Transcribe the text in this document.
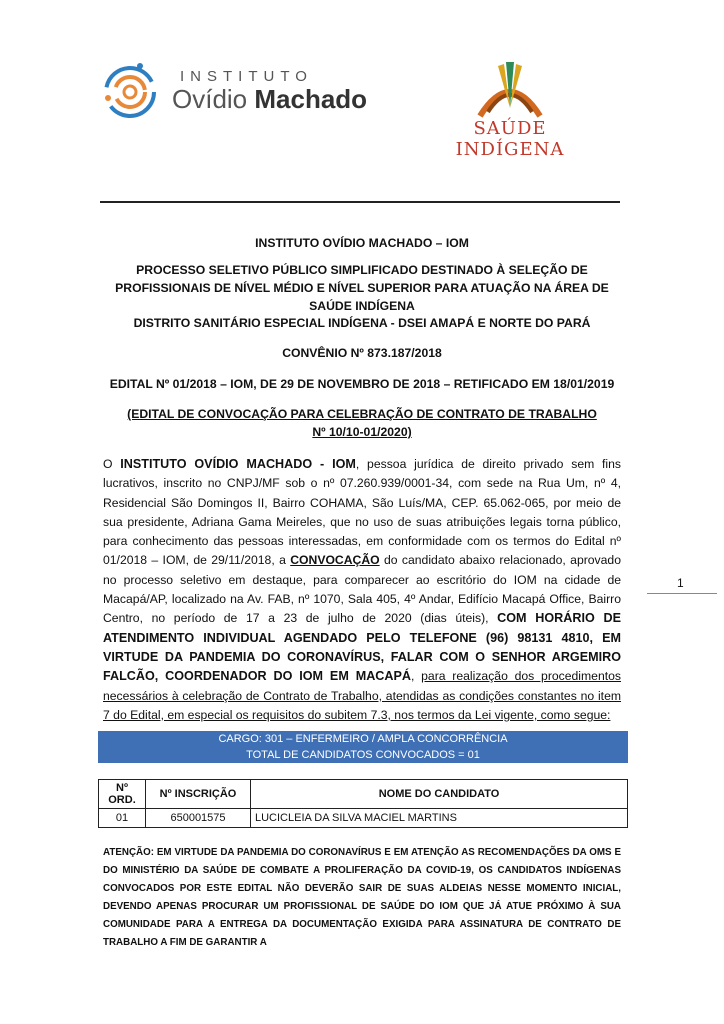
INSTITUTO
Ovídio Machado
SAÚDE INDÍGENA
INSTITUTO OVÍDIO MACHADO – IOM
PROCESSO SELETIVO PÚBLICO SIMPLIFICADO DESTINADO À SELEÇÃO DE PROFISSIONAIS DE NÍVEL MÉDIO E NÍVEL SUPERIOR PARA ATUAÇÃO NA ÁREA DE SAÚDE INDÍGENA
DISTRITO SANITÁRIO ESPECIAL INDÍGENA - DSEI AMAPÁ E NORTE DO PARÁ
CONVÊNIO Nº 873.187/2018
EDITAL Nº 01/2018 – IOM, DE 29 DE NOVEMBRO DE 2018 – RETIFICADO EM 18/01/2019
(EDITAL DE CONVOCAÇÃO PARA CELEBRAÇÃO DE CONTRATO DE TRABALHO
Nº 10/10-01/2020)
O INSTITUTO OVÍDIO MACHADO - IOM, pessoa jurídica de direito privado sem fins lucrativos, inscrito no CNPJ/MF sob o nº 07.260.939/0001-34, com sede na Rua Um, nº 4, Residencial São Domingos II, Bairro COHAMA, São Luís/MA, CEP. 65.062-065, por meio de sua presidente, Adriana Gama Meireles, que no uso de suas atribuições legais torna público, para conhecimento das pessoas interessadas, em conformidade com os termos do Edital nº 01/2018 – IOM, de 29/11/2018, a CONVOCAÇÃO do candidato abaixo relacionado, aprovado no processo seletivo em destaque, para comparecer ao escritório do IOM na cidade de Macapá/AP, localizado na Av. FAB, nº 1070, Sala 405, 4º Andar, Edifício Macapá Office, Bairro Centro, no período de 17 a 23 de julho de 2020 (dias úteis), COM HORÁRIO DE ATENDIMENTO INDIVIDUAL AGENDADO PELO TELEFONE (96) 98131 4810, EM VIRTUDE DA PANDEMIA DO CORONAVÍRUS, FALAR COM O SENHOR ARGEMIRO FALCÃO, COORDENADOR DO IOM EM MACAPÁ, para realização dos procedimentos necessários à celebração de Contrato de Trabalho, atendidas as condições constantes no item 7 do Edital, em especial os requisitos do subitem 7.3, nos termos da Lei vigente, como segue:
1
CARGO: 301 – ENFERMEIRO / AMPLA CONCORRÊNCIA
TOTAL DE CANDIDATOS CONVOCADOS = 01
Nº ORD.	Nº INSCRIÇÃO	NOME DO CANDIDATO
01	650001575	LUCICLEIA DA SILVA MACIEL MARTINS
ATENÇÃO: EM VIRTUDE DA PANDEMIA DO CORONAVÍRUS E EM ATENÇÃO AS RECOMENDAÇÕES DA OMS E DO MINISTÉRIO DA SAÚDE DE COMBATE A PROLIFERAÇÃO DA COVID-19, OS CANDIDATOS INDÍGENAS CONVOCADOS POR ESTE EDITAL NÃO DEVERÃO SAIR DE SUAS ALDEIAS NESSE MOMENTO INICIAL, DEVENDO APENAS PROCURAR UM PROFISSIONAL DE SAÚDE DO IOM QUE JÁ ATUE PRÓXIMO À SUA COMUNIDADE PARA A ENTREGA DA DOCUMENTAÇÃO EXIGIDA PARA ASSINATURA DE CONTRATO DE TRABALHO A FIM DE GARANTIR A
